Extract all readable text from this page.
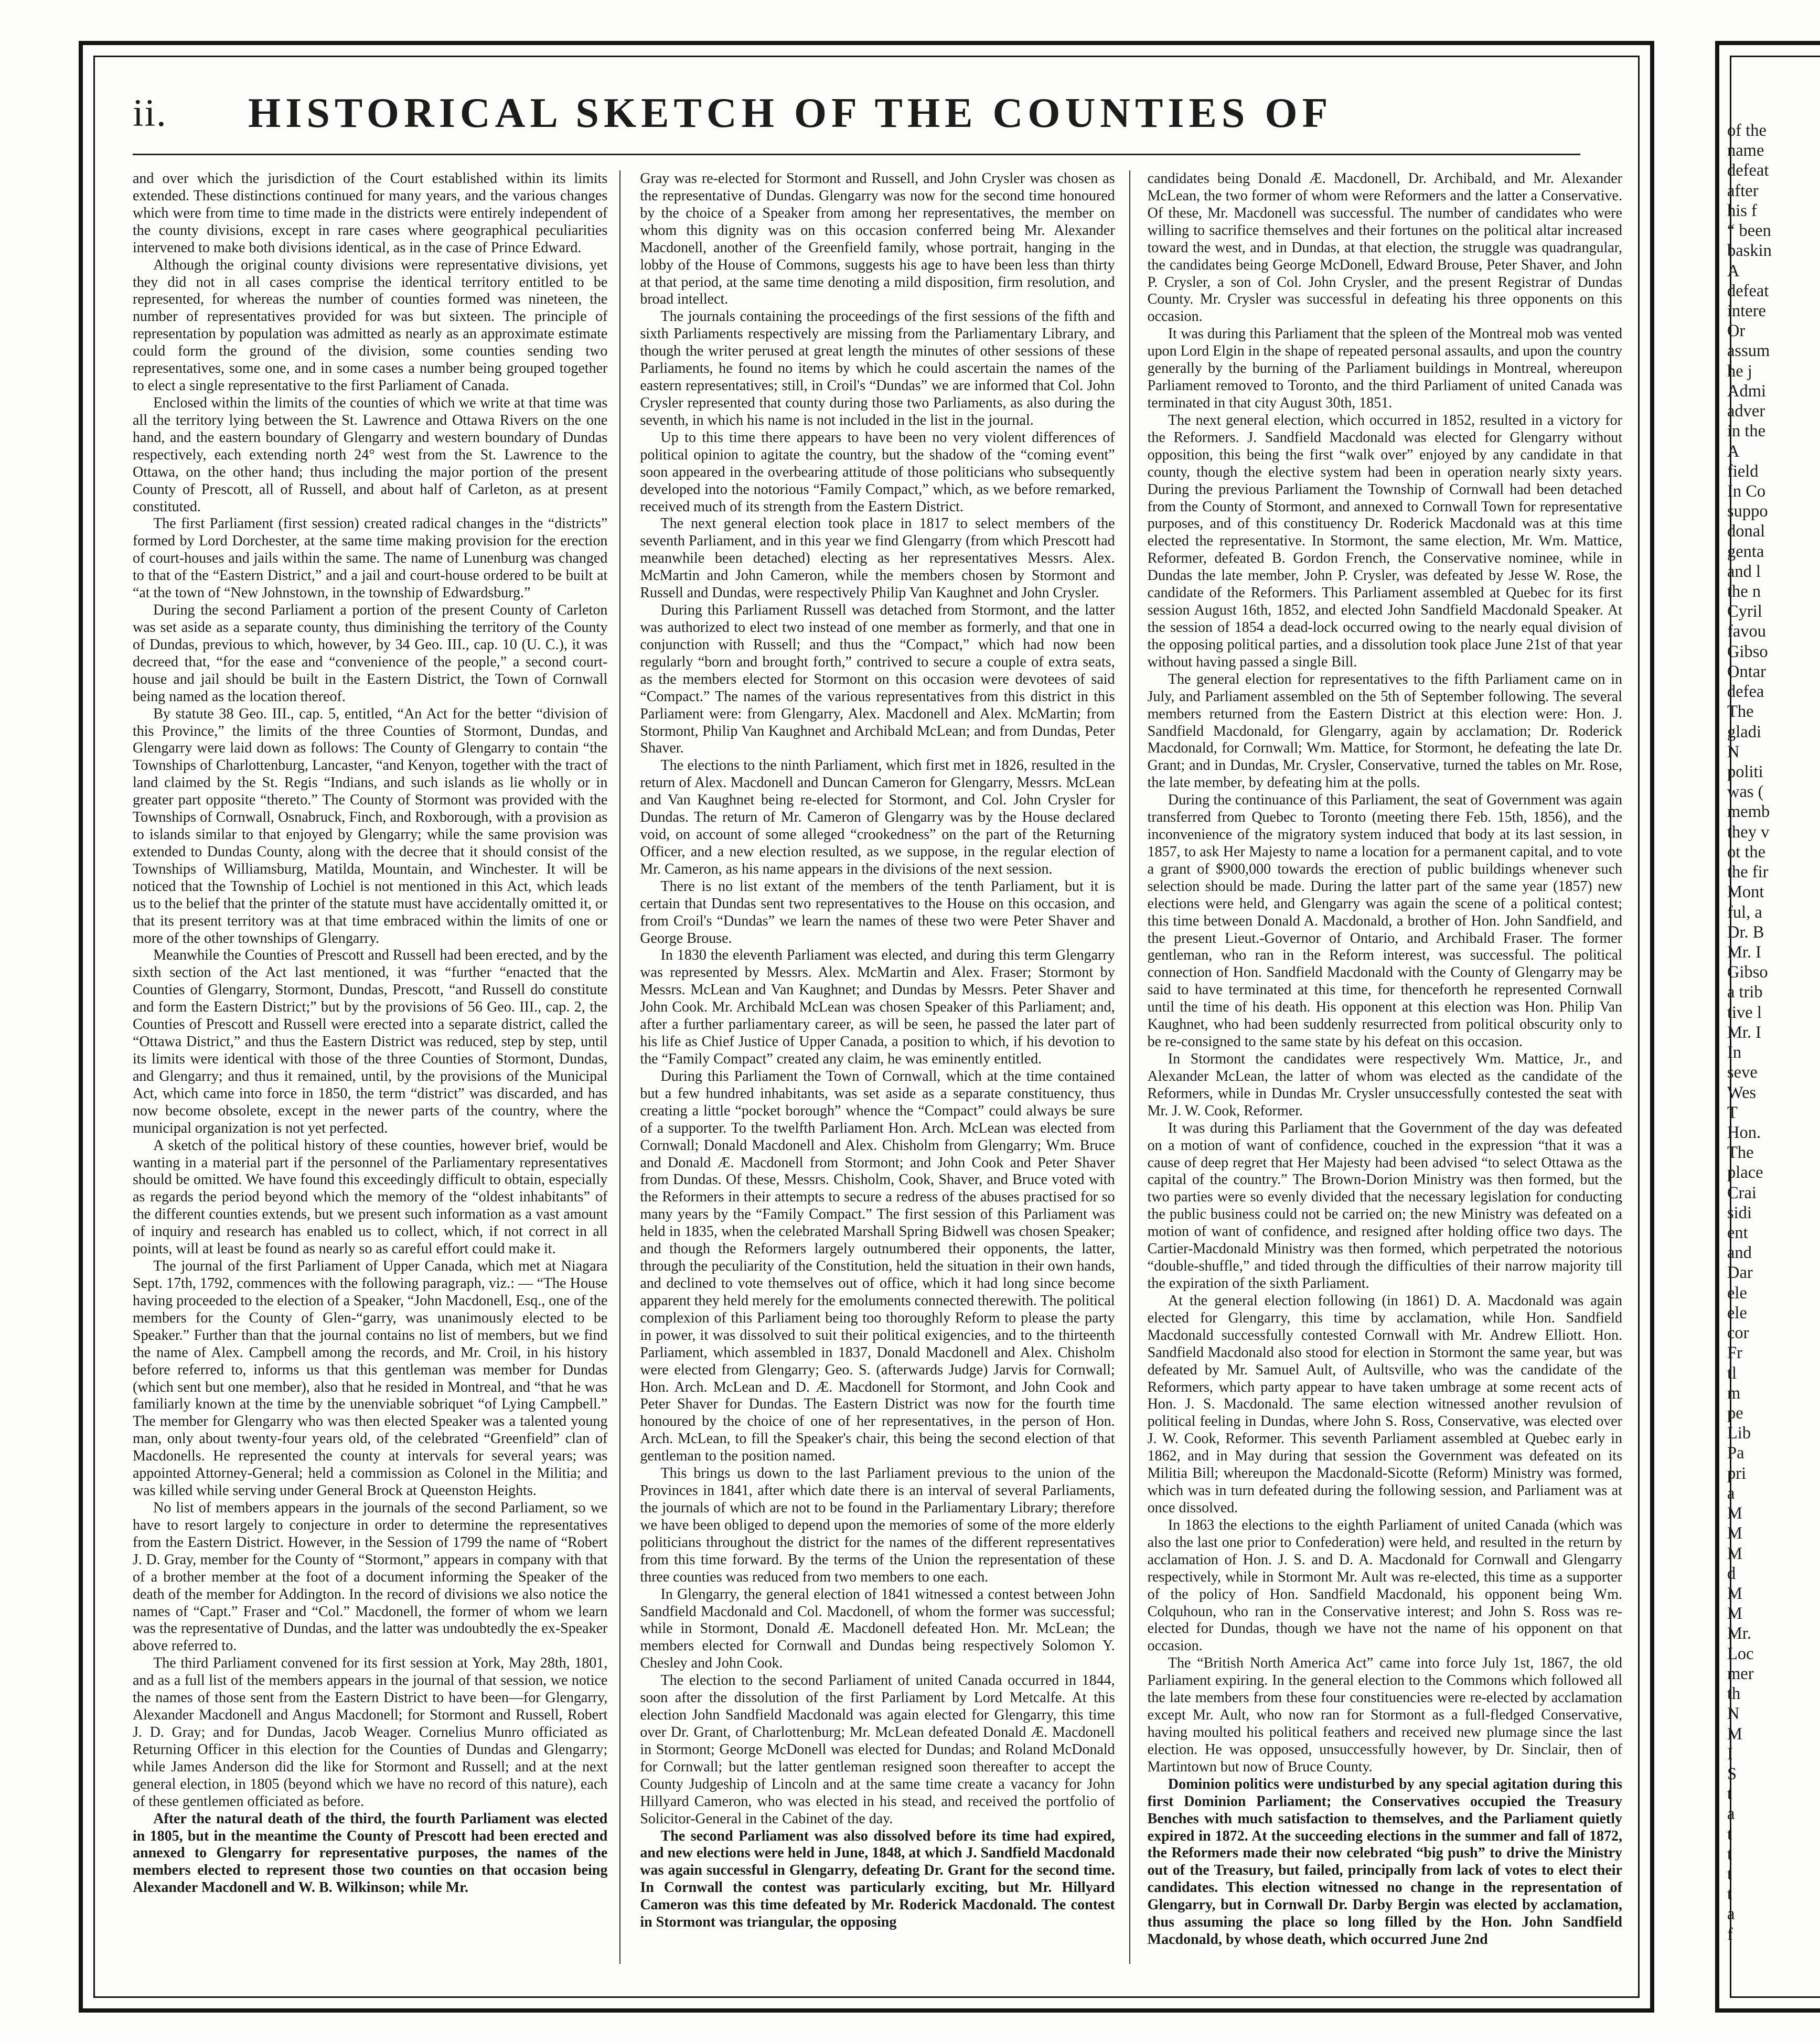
ii.	HISTORICAL SKETCH OF THE COUNTIES OF

and over which the jurisdiction of the Court established within its limits extended. These distinctions continued for many years, and the various changes which were from time to time made in the districts were entirely independent of the county divisions, except in rare cases where geographical peculiarities intervened to make both divisions identical, as in the case of Prince Edward.

Although the original county divisions were representative divisions, yet they did not in all cases comprise the identical territory entitled to be represented, for whereas the number of counties formed was nineteen, the number of representatives provided for was but sixteen. The principle of representation by population was admitted as nearly as an approximate estimate could form the ground of the division, some counties sending two representatives, some one, and in some cases a number being grouped together to elect a single representative to the first Parliament of Canada.

Enclosed within the limits of the counties of which we write at that time was all the territory lying between the St. Lawrence and Ottawa Rivers on the one hand, and the eastern boundary of Glengarry and western boundary of Dundas respectively, each extending north 24° west from the St. Lawrence to the Ottawa, on the other hand; thus including the major portion of the present County of Prescott, all of Russell, and about half of Carleton, as at present constituted.

The first Parliament (first session) created radical changes in the “districts” formed by Lord Dorchester, at the same time making provision for the erection of court-houses and jails within the same. The name of Lunenburg was changed to that of the “Eastern District,” and a jail and court-house ordered to be built at “at the town of “New Johnstown, in the township of Edwardsburg.”

During the second Parliament a portion of the present County of Carleton was set aside as a separate county, thus diminishing the territory of the County of Dundas, previous to which, however, by 34 Geo. III., cap. 10 (U. C.), it was decreed that, “for the ease and “convenience of the people,” a second court-house and jail should be built in the Eastern District, the Town of Cornwall being named as the location thereof.

By statute 38 Geo. III., cap. 5, entitled, “An Act for the better “division of this Province,” the limits of the three Counties of Stormont, Dundas, and Glengarry were laid down as follows: The County of Glengarry to contain “the Townships of Charlottenburg, Lancaster, “and Kenyon, together with the tract of land claimed by the St. Regis “Indians, and such islands as lie wholly or in greater part opposite “thereto.” The County of Stormont was provided with the Townships of Cornwall, Osnabruck, Finch, and Roxborough, with a provision as to islands similar to that enjoyed by Glengarry; while the same provision was extended to Dundas County, along with the decree that it should consist of the Townships of Williamsburg, Matilda, Mountain, and Winchester. It will be noticed that the Township of Lochiel is not mentioned in this Act, which leads us to the belief that the printer of the statute must have accidentally omitted it, or that its present territory was at that time embraced within the limits of one or more of the other townships of Glengarry.

Meanwhile the Counties of Prescott and Russell had been erected, and by the sixth section of the Act last mentioned, it was “further “enacted that the Counties of Glengarry, Stormont, Dundas, Prescott, “and Russell do constitute and form the Eastern District;” but by the provisions of 56 Geo. III., cap. 2, the Counties of Prescott and Russell were erected into a separate district, called the “Ottawa District,” and thus the Eastern District was reduced, step by step, until its limits were identical with those of the three Counties of Stormont, Dundas, and Glengarry; and thus it remained, until, by the provisions of the Municipal Act, which came into force in 1850, the term “district” was discarded, and has now become obsolete, except in the newer parts of the country, where the municipal organization is not yet perfected.

A sketch of the political history of these counties, however brief, would be wanting in a material part if the personnel of the Parliamentary representatives should be omitted. We have found this exceedingly difficult to obtain, especially as regards the period beyond which the memory of the “oldest inhabitants” of the different counties extends, but we present such information as a vast amount of inquiry and research has enabled us to collect, which, if not correct in all points, will at least be found as nearly so as careful effort could make it.

The journal of the first Parliament of Upper Canada, which met at Niagara Sept. 17th, 1792, commences with the following paragraph, viz.: — “The House having proceeded to the election of a Speaker, “John Macdonell, Esq., one of the members for the County of Glen-“garry, was unanimously elected to be Speaker.” Further than that the journal contains no list of members, but we find the name of Alex. Campbell among the records, and Mr. Croil, in his history before referred to, informs us that this gentleman was member for Dundas (which sent but one member), also that he resided in Montreal, and “that he was familiarly known at the time by the unenviable sobriquet “of Lying Campbell.” The member for Glengarry who was then elected Speaker was a talented young man, only about twenty-four years old, of the celebrated “Greenfield” clan of Macdonells. He represented the county at intervals for several years; was appointed Attorney-General; held a commission as Colonel in the Militia; and was killed while serving under General Brock at Queenston Heights.

No list of members appears in the journals of the second Parliament, so we have to resort largely to conjecture in order to determine the representatives from the Eastern District. However, in the Session of 1799 the name of “Robert J. D. Gray, member for the County of “Stormont,” appears in company with that of a brother member at the foot of a document informing the Speaker of the death of the member for Addington. In the record of divisions we also notice the names of “Capt.” Fraser and “Col.” Macdonell, the former of whom we learn was the representative of Dundas, and the latter was undoubtedly the ex-Speaker above referred to.

The third Parliament convened for its first session at York, May 28th, 1801, and as a full list of the members appears in the journal of that session, we notice the names of those sent from the Eastern District to have been—for Glengarry, Alexander Macdonell and Angus Macdonell; for Stormont and Russell, Robert J. D. Gray; and for Dundas, Jacob Weager. Cornelius Munro officiated as Returning Officer in this election for the Counties of Dundas and Glengarry; while James Anderson did the like for Stormont and Russell; and at the next general election, in 1805 (beyond which we have no record of this nature), each of these gentlemen officiated as before.

After the natural death of the third, the fourth Parliament was elected in 1805, but in the meantime the County of Prescott had been erected and annexed to Glengarry for representative purposes, the names of the members elected to represent those two counties on that occasion being Alexander Macdonell and W. B. Wilkinson; while Mr.

Gray was re-elected for Stormont and Russell, and John Crysler was chosen as the representative of Dundas. Glengarry was now for the second time honoured by the choice of a Speaker from among her representatives, the member on whom this dignity was on this occasion conferred being Mr. Alexander Macdonell, another of the Greenfield family, whose portrait, hanging in the lobby of the House of Commons, suggests his age to have been less than thirty at that period, at the same time denoting a mild disposition, firm resolution, and broad intellect.

The journals containing the proceedings of the first sessions of the fifth and sixth Parliaments respectively are missing from the Parliamentary Library, and though the writer perused at great length the minutes of other sessions of these Parliaments, he found no items by which he could ascertain the names of the eastern representatives; still, in Croil's “Dundas” we are informed that Col. John Crysler represented that county during those two Parliaments, as also during the seventh, in which his name is not included in the list in the journal.

Up to this time there appears to have been no very violent differences of political opinion to agitate the country, but the shadow of the “coming event” soon appeared in the overbearing attitude of those politicians who subsequently developed into the notorious “Family Compact,” which, as we before remarked, received much of its strength from the Eastern District.

The next general election took place in 1817 to select members of the seventh Parliament, and in this year we find Glengarry (from which Prescott had meanwhile been detached) electing as her representatives Messrs. Alex. McMartin and John Cameron, while the members chosen by Stormont and Russell and Dundas, were respectively Philip Van Kaughnet and John Crysler.

During this Parliament Russell was detached from Stormont, and the latter was authorized to elect two instead of one member as formerly, and that one in conjunction with Russell; and thus the “Compact,” which had now been regularly “born and brought forth,” contrived to secure a couple of extra seats, as the members elected for Stormont on this occasion were devotees of said “Compact.” The names of the various representatives from this district in this Parliament were: from Glengarry, Alex. Macdonell and Alex. McMartin; from Stormont, Philip Van Kaughnet and Archibald McLean; and from Dundas, Peter Shaver.

The elections to the ninth Parliament, which first met in 1826, resulted in the return of Alex. Macdonell and Duncan Cameron for Glengarry, Messrs. McLean and Van Kaughnet being re-elected for Stormont, and Col. John Crysler for Dundas. The return of Mr. Cameron of Glengarry was by the House declared void, on account of some alleged “crookedness” on the part of the Returning Officer, and a new election resulted, as we suppose, in the regular election of Mr. Cameron, as his name appears in the divisions of the next session.

There is no list extant of the members of the tenth Parliament, but it is certain that Dundas sent two representatives to the House on this occasion, and from Croil's “Dundas” we learn the names of these two were Peter Shaver and George Brouse.

In 1830 the eleventh Parliament was elected, and during this term Glengarry was represented by Messrs. Alex. McMartin and Alex. Fraser; Stormont by Messrs. McLean and Van Kaughnet; and Dundas by Messrs. Peter Shaver and John Cook. Mr. Archibald McLean was chosen Speaker of this Parliament; and, after a further parliamentary career, as will be seen, he passed the later part of his life as Chief Justice of Upper Canada, a position to which, if his devotion to the “Family Compact” created any claim, he was eminently entitled.

During this Parliament the Town of Cornwall, which at the time contained but a few hundred inhabitants, was set aside as a separate constituency, thus creating a little “pocket borough” whence the “Compact” could always be sure of a supporter. To the twelfth Parliament Hon. Arch. McLean was elected from Cornwall; Donald Macdonell and Alex. Chisholm from Glengarry; Wm. Bruce and Donald Æ. Macdonell from Stormont; and John Cook and Peter Shaver from Dundas. Of these, Messrs. Chisholm, Cook, Shaver, and Bruce voted with the Reformers in their attempts to secure a redress of the abuses practised for so many years by the “Family Compact.” The first session of this Parliament was held in 1835, when the celebrated Marshall Spring Bidwell was chosen Speaker; and though the Reformers largely outnumbered their opponents, the latter, through the peculiarity of the Constitution, held the situation in their own hands, and declined to vote themselves out of office, which it had long since become apparent they held merely for the emoluments connected therewith. The political complexion of this Parliament being too thoroughly Reform to please the party in power, it was dissolved to suit their political exigencies, and to the thirteenth Parliament, which assembled in 1837, Donald Macdonell and Alex. Chisholm were elected from Glengarry; Geo. S. (afterwards Judge) Jarvis for Cornwall; Hon. Arch. McLean and D. Æ. Macdonell for Stormont, and John Cook and Peter Shaver for Dundas. The Eastern District was now for the fourth time honoured by the choice of one of her representatives, in the person of Hon. Arch. McLean, to fill the Speaker's chair, this being the second election of that gentleman to the position named.

This brings us down to the last Parliament previous to the union of the Provinces in 1841, after which date there is an interval of several Parliaments, the journals of which are not to be found in the Parliamentary Library; therefore we have been obliged to depend upon the memories of some of the more elderly politicians throughout the district for the names of the different representatives from this time forward. By the terms of the Union the representation of these three counties was reduced from two members to one each.

In Glengarry, the general election of 1841 witnessed a contest between John Sandfield Macdonald and Col. Macdonell, of whom the former was successful; while in Stormont, Donald Æ. Macdonell defeated Hon. Mr. McLean; the members elected for Cornwall and Dundas being respectively Solomon Y. Chesley and John Cook.

The election to the second Parliament of united Canada occurred in 1844, soon after the dissolution of the first Parliament by Lord Metcalfe. At this election John Sandfield Macdonald was again elected for Glengarry, this time over Dr. Grant, of Charlottenburg; Mr. McLean defeated Donald Æ. Macdonell in Stormont; George McDonell was elected for Dundas; and Roland McDonald for Cornwall; but the latter gentleman resigned soon thereafter to accept the County Judgeship of Lincoln and at the same time create a vacancy for John Hillyard Cameron, who was elected in his stead, and received the portfolio of Solicitor-General in the Cabinet of the day.

The second Parliament was also dissolved before its time had expired, and new elections were held in June, 1848, at which J. Sandfield Macdonald was again successful in Glengarry, defeating Dr. Grant for the second time. In Cornwall the contest was particularly exciting, but Mr. Hillyard Cameron was this time defeated by Mr. Roderick Macdonald. The contest in Stormont was triangular, the opposing

candidates being Donald Æ. Macdonell, Dr. Archibald, and Mr. Alexander McLean, the two former of whom were Reformers and the latter a Conservative. Of these, Mr. Macdonell was successful. The number of candidates who were willing to sacrifice themselves and their fortunes on the political altar increased toward the west, and in Dundas, at that election, the struggle was quadrangular, the candidates being George McDonell, Edward Brouse, Peter Shaver, and John P. Crysler, a son of Col. John Crysler, and the present Registrar of Dundas County. Mr. Crysler was successful in defeating his three opponents on this occasion.

It was during this Parliament that the spleen of the Montreal mob was vented upon Lord Elgin in the shape of repeated personal assaults, and upon the country generally by the burning of the Parliament buildings in Montreal, whereupon Parliament removed to Toronto, and the third Parliament of united Canada was terminated in that city August 30th, 1851.

The next general election, which occurred in 1852, resulted in a victory for the Reformers. J. Sandfield Macdonald was elected for Glengarry without opposition, this being the first “walk over” enjoyed by any candidate in that county, though the elective system had been in operation nearly sixty years. During the previous Parliament the Township of Cornwall had been detached from the County of Stormont, and annexed to Cornwall Town for representative purposes, and of this constituency Dr. Roderick Macdonald was at this time elected the representative. In Stormont, the same election, Mr. Wm. Mattice, Reformer, defeated B. Gordon French, the Conservative nominee, while in Dundas the late member, John P. Crysler, was defeated by Jesse W. Rose, the candidate of the Reformers. This Parliament assembled at Quebec for its first session August 16th, 1852, and elected John Sandfield Macdonald Speaker. At the session of 1854 a dead-lock occurred owing to the nearly equal division of the opposing political parties, and a dissolution took place June 21st of that year without having passed a single Bill.

The general election for representatives to the fifth Parliament came on in July, and Parliament assembled on the 5th of September following. The several members returned from the Eastern District at this election were: Hon. J. Sandfield Macdonald, for Glengarry, again by acclamation; Dr. Roderick Macdonald, for Cornwall; Wm. Mattice, for Stormont, he defeating the late Dr. Grant; and in Dundas, Mr. Crysler, Conservative, turned the tables on Mr. Rose, the late member, by defeating him at the polls.

During the continuance of this Parliament, the seat of Government was again transferred from Quebec to Toronto (meeting there Feb. 15th, 1856), and the inconvenience of the migratory system induced that body at its last session, in 1857, to ask Her Majesty to name a location for a permanent capital, and to vote a grant of $900,000 towards the erection of public buildings whenever such selection should be made. During the latter part of the same year (1857) new elections were held, and Glengarry was again the scene of a political contest; this time between Donald A. Macdonald, a brother of Hon. John Sandfield, and the present Lieut.-Governor of Ontario, and Archibald Fraser. The former gentleman, who ran in the Reform interest, was successful. The political connection of Hon. Sandfield Macdonald with the County of Glengarry may be said to have terminated at this time, for thenceforth he represented Cornwall until the time of his death. His opponent at this election was Hon. Philip Van Kaughnet, who had been suddenly resurrected from political obscurity only to be re-consigned to the same state by his defeat on this occasion.

In Stormont the candidates were respectively Wm. Mattice, Jr., and Alexander McLean, the latter of whom was elected as the candidate of the Reformers, while in Dundas Mr. Crysler unsuccessfully contested the seat with Mr. J. W. Cook, Reformer.

It was during this Parliament that the Government of the day was defeated on a motion of want of confidence, couched in the expression “that it was a cause of deep regret that Her Majesty had been advised “to select Ottawa as the capital of the country.” The Brown-Dorion Ministry was then formed, but the two parties were so evenly divided that the necessary legislation for conducting the public business could not be carried on; the new Ministry was defeated on a motion of want of confidence, and resigned after holding office two days. The Cartier-Macdonald Ministry was then formed, which perpetrated the notorious “double-shuffle,” and tided through the difficulties of their narrow majority till the expiration of the sixth Parliament.

At the general election following (in 1861) D. A. Macdonald was again elected for Glengarry, this time by acclamation, while Hon. Sandfield Macdonald successfully contested Cornwall with Mr. Andrew Elliott. Hon. Sandfield Macdonald also stood for election in Stormont the same year, but was defeated by Mr. Samuel Ault, of Aultsville, who was the candidate of the Reformers, which party appear to have taken umbrage at some recent acts of Hon. J. S. Macdonald. The same election witnessed another revulsion of political feeling in Dundas, where John S. Ross, Conservative, was elected over J. W. Cook, Reformer. This seventh Parliament assembled at Quebec early in 1862, and in May during that session the Government was defeated on its Militia Bill; whereupon the Macdonald-Sicotte (Reform) Ministry was formed, which was in turn defeated during the following session, and Parliament was at once dissolved.

In 1863 the elections to the eighth Parliament of united Canada (which was also the last one prior to Confederation) were held, and resulted in the return by acclamation of Hon. J. S. and D. A. Macdonald for Cornwall and Glengarry respectively, while in Stormont Mr. Ault was re-elected, this time as a supporter of the policy of Hon. Sandfield Macdonald, his opponent being Wm. Colquhoun, who ran in the Conservative interest; and John S. Ross was re-elected for Dundas, though we have not the name of his opponent on that occasion.

The “British North America Act” came into force July 1st, 1867, the old Parliament expiring. In the general election to the Commons which followed all the late members from these four constituencies were re-elected by acclamation except Mr. Ault, who now ran for Stormont as a full-fledged Conservative, having moulted his political feathers and received new plumage since the last election. He was opposed, unsuccessfully however, by Dr. Sinclair, then of Martintown but now of Bruce County.

Dominion politics were undisturbed by any special agitation during this first Dominion Parliament; the Conservatives occupied the Treasury Benches with much satisfaction to themselves, and the Parliament quietly expired in 1872. At the succeeding elections in the summer and fall of 1872, the Reformers made their now celebrated “big push” to drive the Ministry out of the Treasury, but failed, principally from lack of votes to elect their candidates. This election witnessed no change in the representation of Glengarry, but in Cornwall Dr. Darby Bergin was elected by acclamation, thus assuming the place so long filled by the Hon. John Sandfield Macdonald, by whose death, which occurred June 2nd

of the

name

defeat

after

his f

“ been

baskin

A

defeat

intere

Or

assum

he j

Admi

adver

in the

A

field

In Co

suppo

donal

genta

and l

the n

Cyril

favou

Gibso

Ontar

defea

The

gladi

N

politi

was (

memb

they v

ot the

the fir

Mont

ful, a

Dr. B

Mr. I

Gibso

a trib

tive l

Mr. I

In

seve

Wes

T

Hon.

The

place

Crai

sidi

ent

and

Dar

ele

ele

cor

Fr

tl

m

pe

Lib

Pa

pri

a

M

M

M

d

M

M

Mr.

Loc

mer

th

N

M

I

S

t

a

t

t

t

t

a

f
